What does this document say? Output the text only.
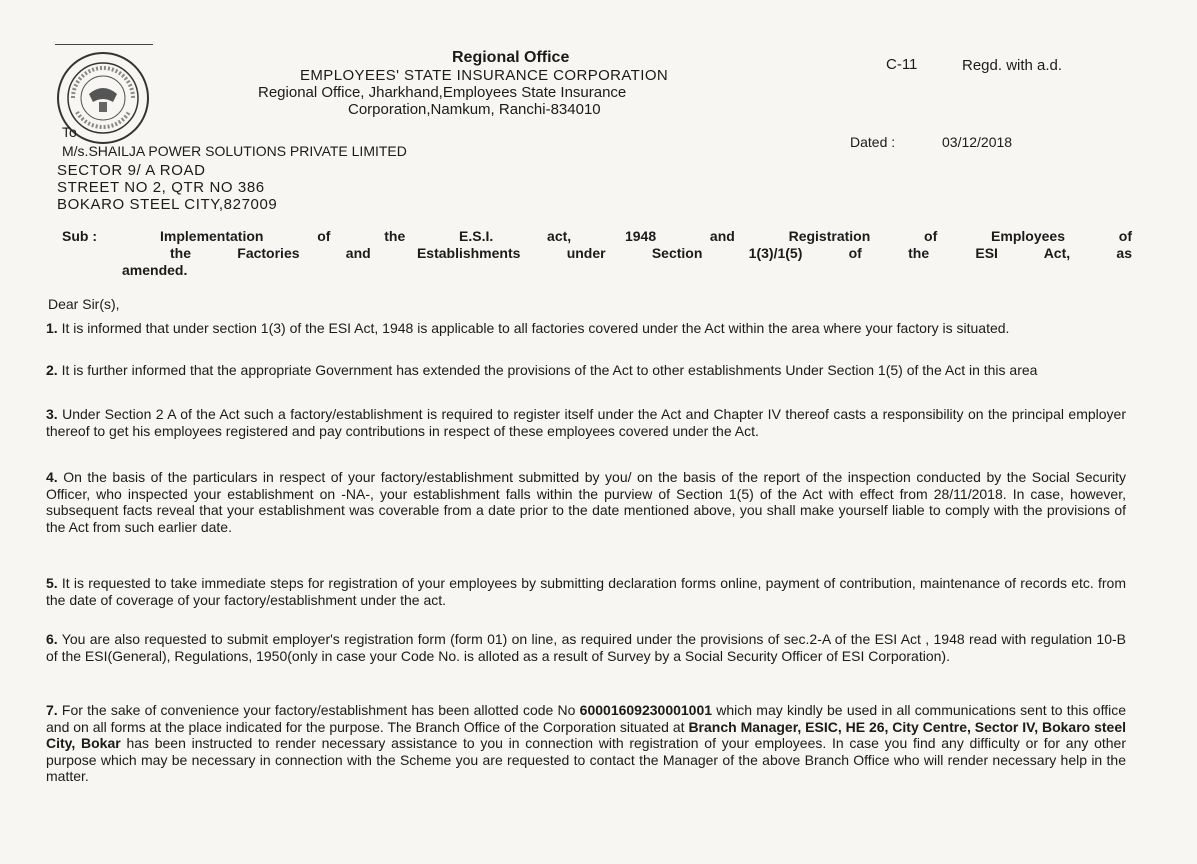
Regional Office
EMPLOYEES' STATE INSURANCE CORPORATION
Regional Office, Jharkhand,Employees State Insurance
Corporation,Namkum, Ranchi-834010
C-11	Regd. with a.d.
Dated :	03/12/2018
To
M/s.SHAILJA POWER SOLUTIONS PRIVATE LIMITED
SECTOR 9/ A ROAD
STREET NO 2, QTR NO 386
BOKARO STEEL CITY,827009
Sub :	Implementation of the E.S.I. act, 1948 and Registration of Employees of
the Factories and Establishments under Section 1(3)/1(5) of the ESI Act, as
amended.
Dear Sir(s),
1. It is informed that under section 1(3) of the ESI Act, 1948 is applicable to all factories covered under the Act within the area where your factory is situated.
2. It is further informed that the appropriate Government has extended the provisions of the Act to other establishments Under Section 1(5) of the Act in this area
3. Under Section 2 A of the Act such a factory/establishment is required to register itself under the Act and Chapter IV thereof casts a responsibility on the principal employer thereof to get his employees registered and pay contributions in respect of these employees covered under the Act.
4. On the basis of the particulars in respect of your factory/establishment submitted by you/ on the basis of the report of the inspection conducted by the Social Security Officer, who inspected your establishment on -NA-, your establishment falls within the purview of Section 1(5) of the Act with effect from 28/11/2018. In case, however, subsequent facts reveal that your establishment was coverable from a date prior to the date mentioned above, you shall make yourself liable to comply with the provisions of the Act from such earlier date.
5. It is requested to take immediate steps for registration of your employees by submitting declaration forms online, payment of contribution, maintenance of records etc. from the date of coverage of your factory/establishment under the act.
6. You are also requested to submit employer's registration form (form 01) on line, as required under the provisions of sec.2-A of the ESI Act , 1948 read with regulation 10-B of the ESI(General), Regulations, 1950(only in case your Code No. is alloted as a result of Survey by a Social Security Officer of ESI Corporation).
7. For the sake of convenience your factory/establishment has been allotted code No 60001609230001001 which may kindly be used in all communications sent to this office and on all forms at the place indicated for the purpose. The Branch Office of the Corporation situated at Branch Manager, ESIC, HE 26, City Centre, Sector IV, Bokaro steel City, Bokar has been instructed to render necessary assistance to you in connection with registration of your employees. In case you find any difficulty or for any other purpose which may be necessary in connection with the Scheme you are requested to contact the Manager of the above Branch Office who will render necessary help in the matter.
